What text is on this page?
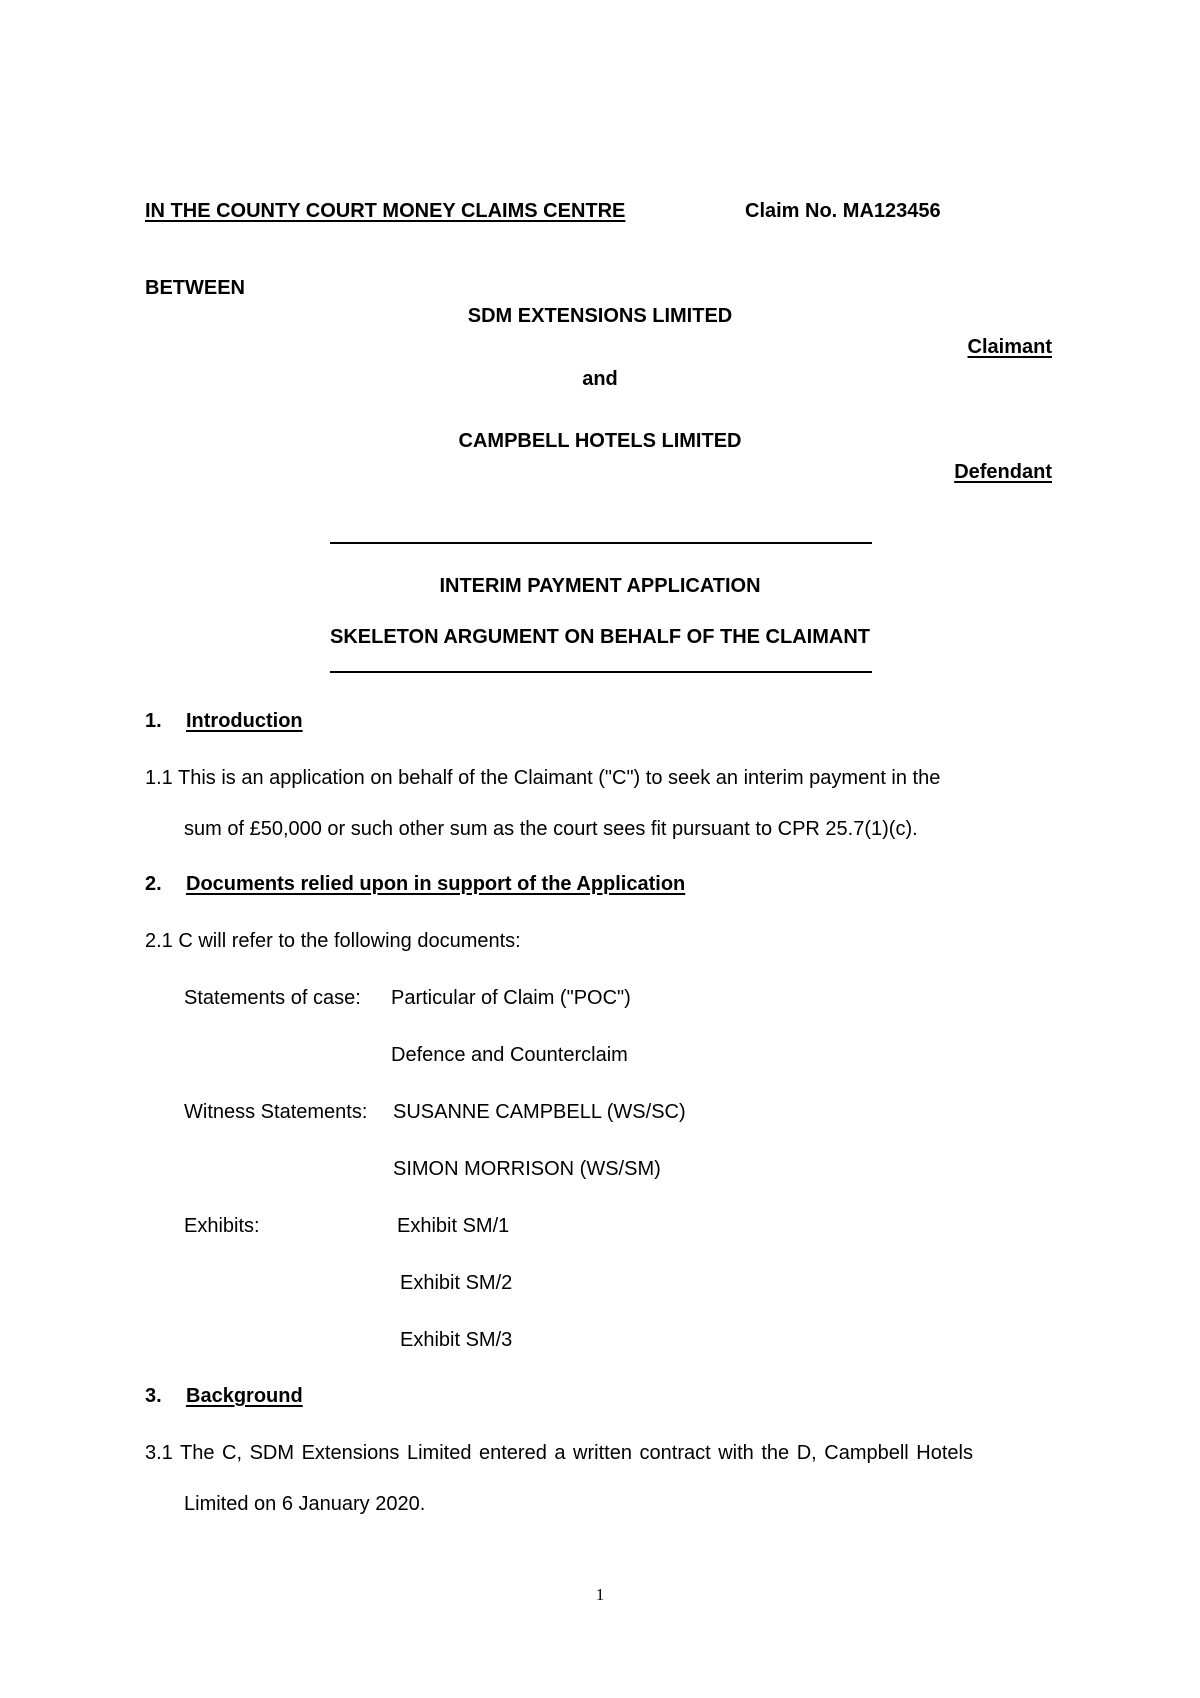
IN THE COUNTY COURT MONEY CLAIMS CENTRE	Claim No. MA123456
BETWEEN
SDM EXTENSIONS LIMITED
Claimant
and
CAMPBELL HOTELS LIMITED
Defendant
INTERIM PAYMENT APPLICATION
SKELETON ARGUMENT ON BEHALF OF THE CLAIMANT
1. Introduction
1.1 This is an application on behalf of the Claimant ("C") to seek an interim payment in the
sum of £50,000 or such other sum as the court sees fit pursuant to CPR 25.7(1)(c).
2. Documents relied upon in support of the Application
2.1 C will refer to the following documents:
Statements of case: Particular of Claim ("POC")
Defence and Counterclaim
Witness Statements: SUSANNE CAMPBELL (WS/SC)
SIMON MORRISON (WS/SM)
Exhibits:	Exhibit SM/1
Exhibit SM/2
Exhibit SM/3
3. Background
3.1 The C, SDM Extensions Limited entered a written contract with the D, Campbell Hotels
Limited on 6 January 2020.
1
